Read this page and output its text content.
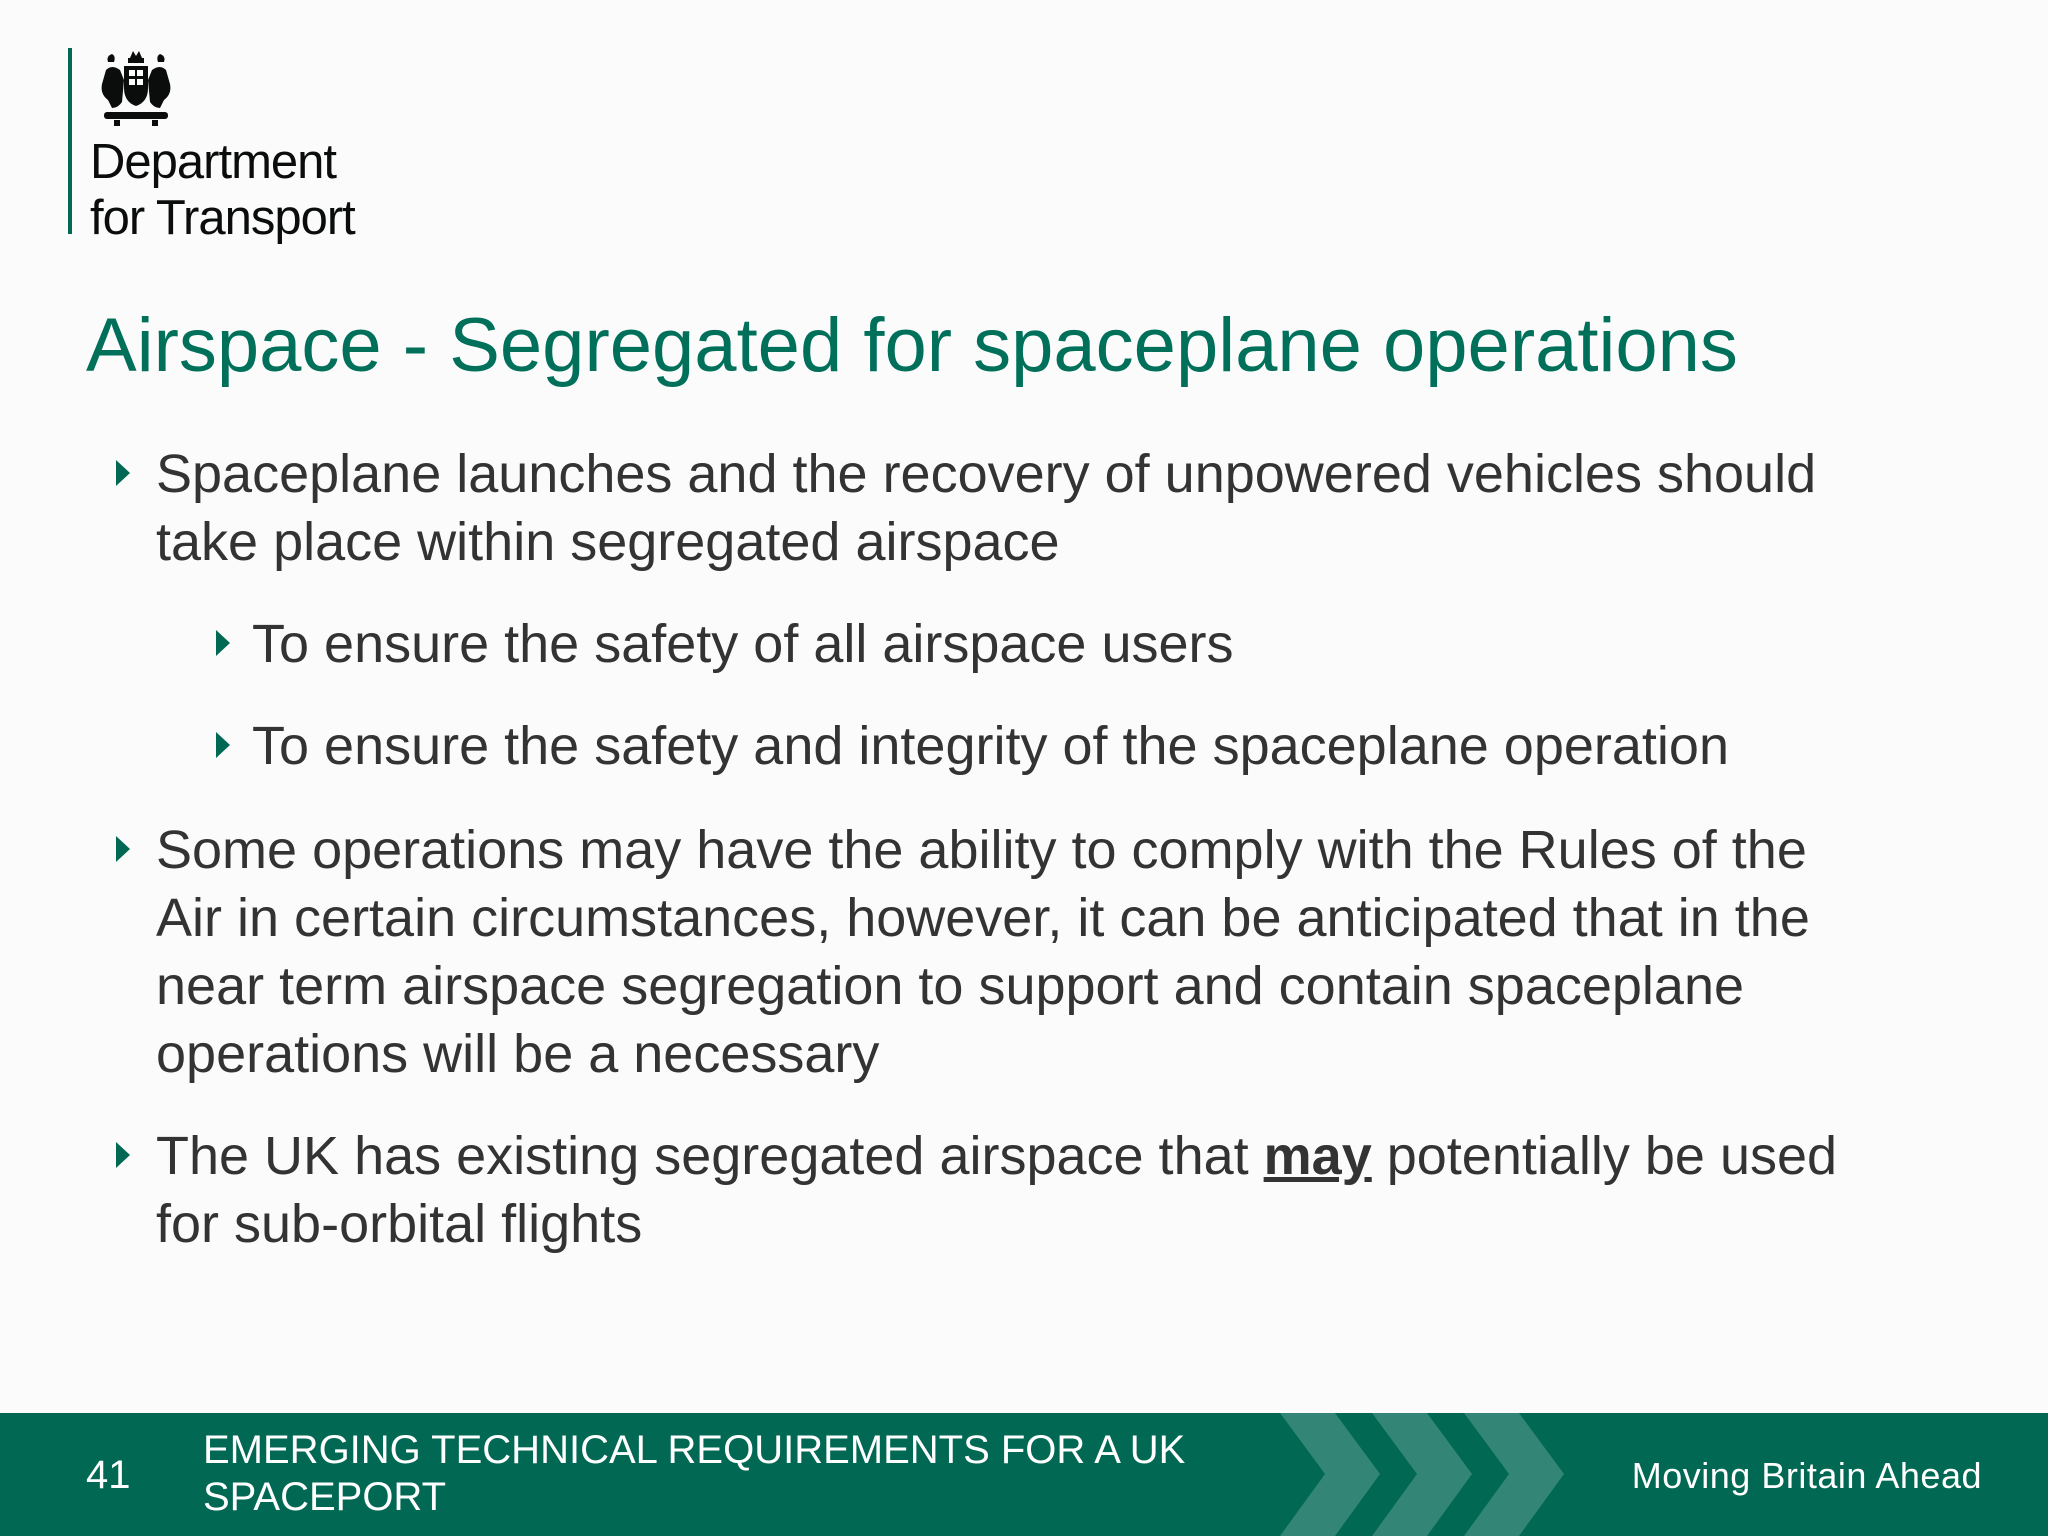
Department
for Transport
Airspace - Segregated for spaceplane operations
Spaceplane launches and the recovery of unpowered vehicles should take place within segregated airspace
To ensure the safety of all airspace users
To ensure the safety and integrity of the spaceplane operation
Some operations may have the ability to comply with the Rules of the Air in certain circumstances, however, it can be anticipated that in the near term airspace segregation to support and contain spaceplane operations will be a necessary
The UK has existing segregated airspace that may potentially be used for sub-orbital flights
41
EMERGING TECHNICAL REQUIREMENTS FOR A UK SPACEPORT	Moving Britain Ahead
